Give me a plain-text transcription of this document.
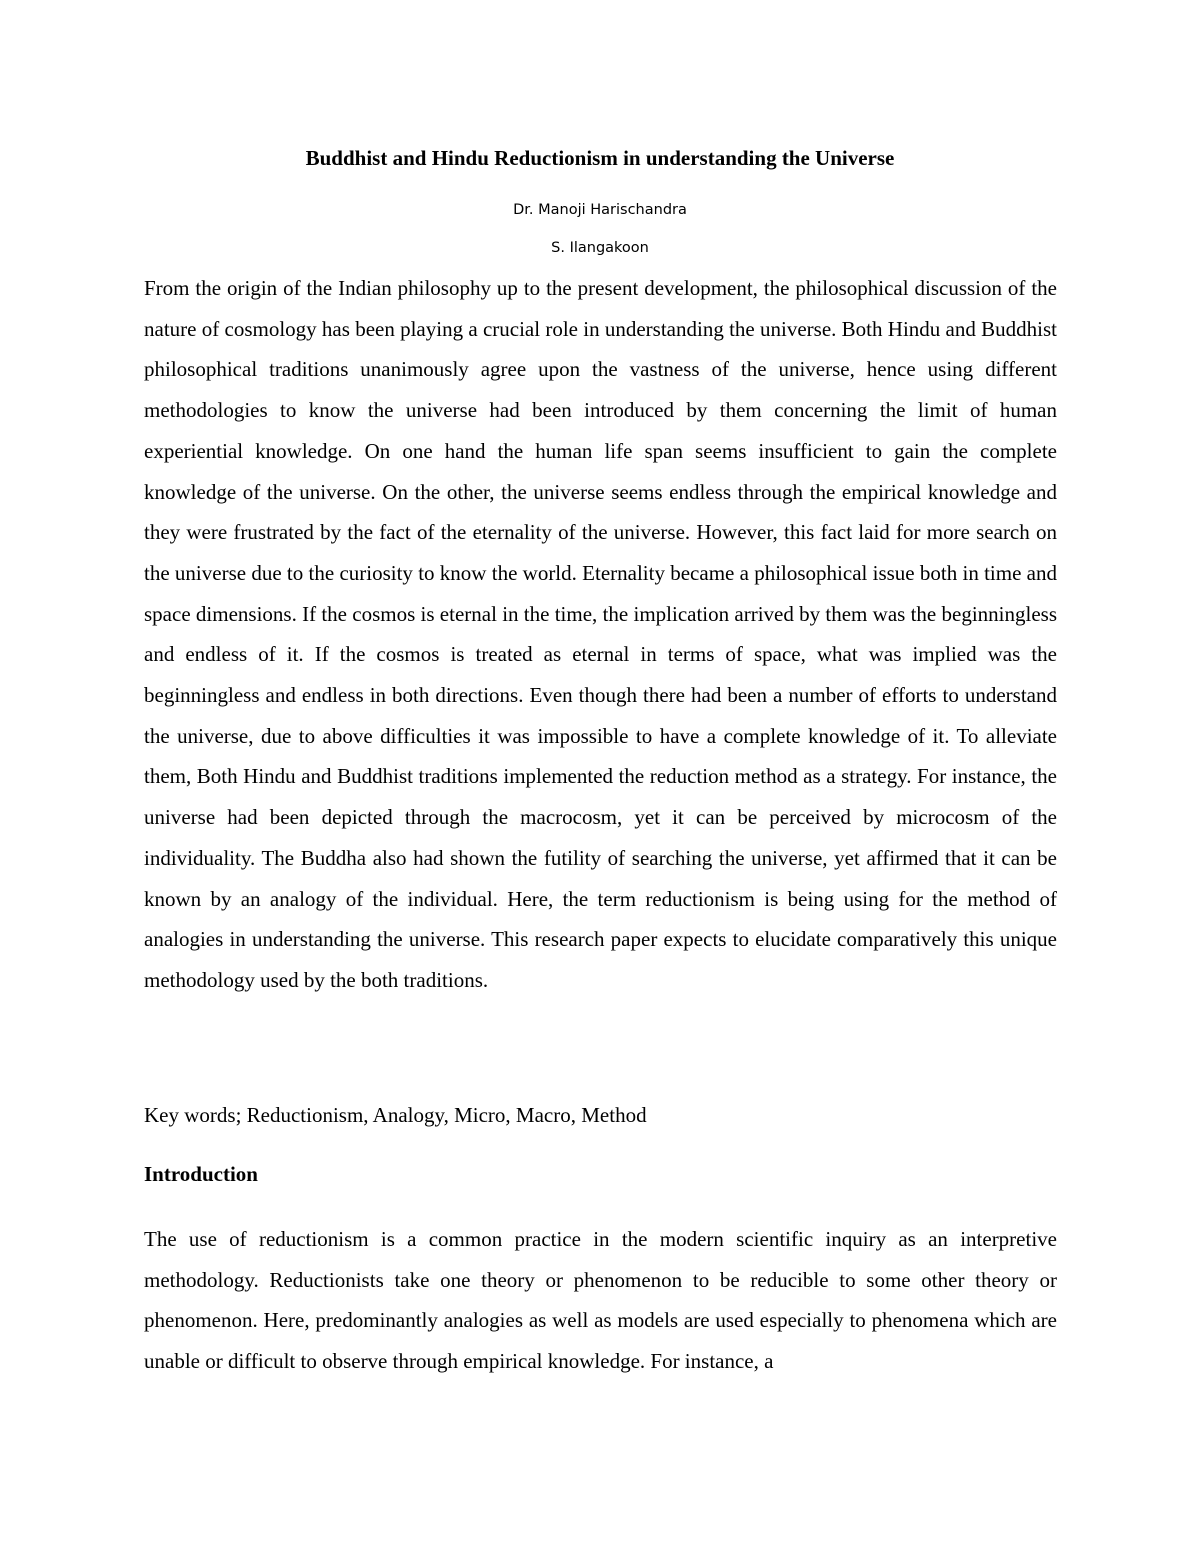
Buddhist and Hindu Reductionism in understanding the Universe
Dr. Manoji Harischandra
S. Ilangakoon

From the origin of the Indian philosophy up to the present development, the philosophical discussion of the nature of cosmology has been playing a crucial role in understanding the universe. Both Hindu and Buddhist philosophical traditions unanimously agree upon the vastness of the universe, hence using different methodologies to know the universe had been introduced by them concerning the limit of human experiential knowledge. On one hand the human life span seems insufficient to gain the complete knowledge of the universe. On the other, the universe seems endless through the empirical knowledge and they were frustrated by the fact of the eternality of the universe. However, this fact laid for more search on the universe due to the curiosity to know the world. Eternality became a philosophical issue both in time and space dimensions. If the cosmos is eternal in the time, the implication arrived by them was the beginningless and endless of it. If the cosmos is treated as eternal in terms of space, what was implied was the beginningless and endless in both directions. Even though there had been a number of efforts to understand the universe, due to above difficulties it was impossible to have a complete knowledge of it. To alleviate them, Both Hindu and Buddhist traditions implemented the reduction method as a strategy. For instance, the universe had been depicted through the macrocosm, yet it can be perceived by microcosm of the individuality. The Buddha also had shown the futility of searching the universe, yet affirmed that it can be known by an analogy of the individual. Here, the term reductionism is being using for the method of analogies in understanding the universe. This research paper expects to elucidate comparatively this unique methodology used by the both traditions.

Key words; Reductionism, Analogy, Micro, Macro, Method
Introduction

The use of reductionism is a common practice in the modern scientific inquiry as an interpretive methodology. Reductionists take one theory or phenomenon to be reducible to some other theory or phenomenon. Here, predominantly analogies as well as models are used especially to phenomena which are unable or difficult to observe through empirical knowledge. For instance, a
